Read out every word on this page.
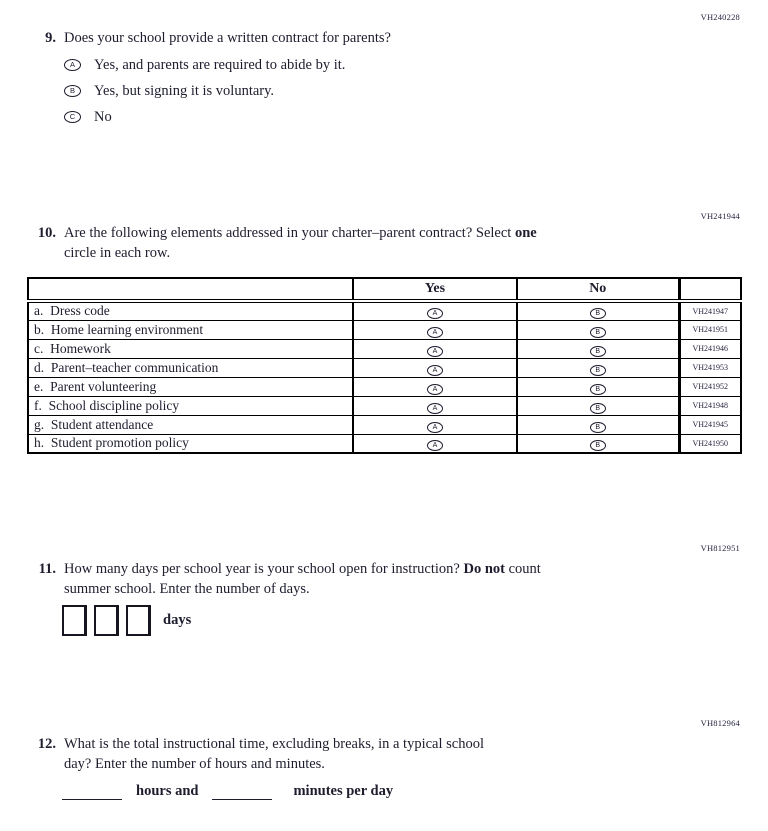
VH240228
9. Does your school provide a written contract for parents?
A	Yes, and parents are required to abide by it.
B	Yes, but signing it is voluntary.
C	No
VH241944
10. Are the following elements addressed in your charter–parent contract? Select one
circle in each row.
	Yes	No	
a.  Dress code	A	B	VH241947
b.  Home learning environment	A	B	VH241951
c.  Homework	A	B	VH241946
d.  Parent–teacher communication	A	B	VH241953
e.  Parent volunteering	A	B	VH241952
f.  School discipline policy	A	B	VH241948
g.  Student attendance	A	B	VH241945
h.  Student promotion policy	A	B	VH241950
VH812951
11. How many days per school year is your school open for instruction? Do not count
summer school. Enter the number of days.
days
VH812964
12. What is the total instructional time, excluding breaks, in a typical school
day? Enter the number of hours and minutes.
hours and	minutes per day
